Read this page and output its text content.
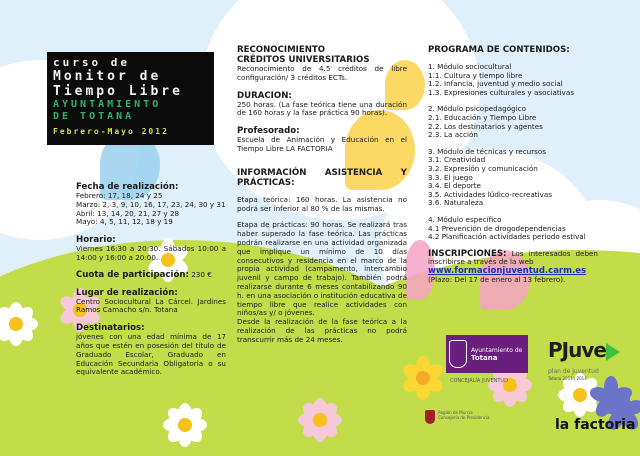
curso de
Monitor de
Tiempo Libre
AYUNTAMIENTO
DE TOTANA
Febrero-Mayo 2012
Fecha de realización:
Febrero: 17, 18, 24 y 25
Marzo: 2, 3, 9, 10, 16, 17, 23, 24, 30 y 31
Abril: 13, 14, 20, 21, 27 y 28
Mayo: 4, 5, 11, 12, 18 y 19
Horario:

Viernes 16:30 a 20:30. Sábados 10:00 a 14:00 y 16:00 a 20:00.

Cuota de participación: 230 €
Lugar de realización:

Centro Sociocultural La Cárcel. Jardines Ramos Camacho s/n. Totana

Destinatarios:

jóvenes con una edad mínima de 17 años que estén en posesión del título de Graduado Escolar, Graduado en Educación Secundaria Obligatoria o su equivalente académico.

RECONOCIMIENTO
CRÉDITOS UNIVERSITARIOS

Reconocimiento de 4.5 créditos de libre configuración/ 3 créditos ECTs.

DURACION:

250 horas. (La fase teórica tiene una duración de 160 horas y la fase práctica 90 horas).

Profesorado:

Escuela de Animación y Educación en el Tiempo Libre LA FACTORIA

INFORMACIÓN ASISTENCIA Y PRÁCTICAS:

Etapa teórica: 160 horas. La asistencia no podrá ser inferior al 80 % de las mismas.

Etapa de prácticas: 90 horas. Se realizará tras haber superado la fase teórica. Las prácticas podrán realizarse en una actividad organizada que implique un mínimo de 10 días consecutivos y residencia en el marco de la propia actividad (campamento, intercambio juvenil y campo de trabajo). También podrá realizarse durante 6 meses contabilizando 90 h. en una asociación o institución educativa de tiempo libre que realice actividades con niños/as y/ o jóvenes.

Desde la realización de la fase teórica a la realización de las prácticas no podrá transcurrir más de 24 meses.

PROGRAMA DE CONTENIDOS:
1. Módulo sociocultural
1.1. Cultura y tiempo libre
1.2. Infancia, juventud y medio social
1.3. Expresiones culturales y asociativas
2. Módulo psicopedagógico
2.1. Educación y Tiempo Libre
2.2. Los destinatarios y agentes
2.3. La acción
3. Módulo de técnicas y recursos
3.1. Creatividad
3.2. Expresión y comunicación
3.3. El juego
3.4. El deporte
3.5. Actividades lúdico-recreativas
3.6. Naturaleza
4. Módulo específico
4.1 Prevención de drogodependencias
4.2 Planificación actividades periodo estival

INSCRIPCIONES: Los interesados deben inscribirse a través de la web

www.formacionjuventud.carm.es
(Plazo: Del 17 de enero al 13 febrero).
Ayuntamiento de
Totana
CONCEJALÍA JUVENTUD
Región de Murcia
Consejería de Presidencia
PJuve
plan de juventud
Totana 2011 | 2014
la factoria
